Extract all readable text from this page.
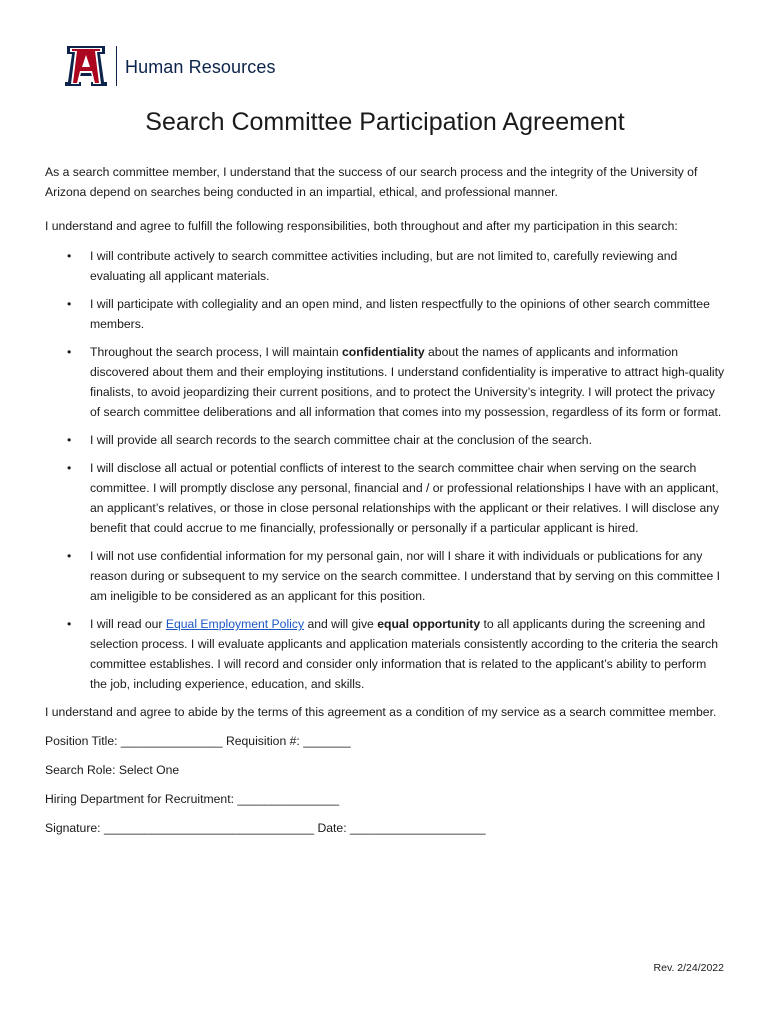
Human Resources
Search Committee Participation Agreement

As a search committee member, I understand that the success of our search process and the integrity of the University of Arizona depend on searches being conducted in an impartial, ethical, and professional manner.

I understand and agree to fulfill the following responsibilities, both throughout and after my participation in this search:

• I will contribute actively to search committee activities including, but are not limited to, carefully reviewing and evaluating all applicant materials.
• I will participate with collegiality and an open mind, and listen respectfully to the opinions of other search committee members.
• Throughout the search process, I will maintain confidentiality about the names of applicants and information discovered about them and their employing institutions. I understand confidentiality is imperative to attract high-quality finalists, to avoid jeopardizing their current positions, and to protect the University’s integrity. I will protect the privacy of search committee deliberations and all information that comes into my possession, regardless of its form or format.
• I will provide all search records to the search committee chair at the conclusion of the search.
• I will disclose all actual or potential conflicts of interest to the search committee chair when serving on the search committee. I will promptly disclose any personal, financial and / or professional relationships I have with an applicant, an applicant’s relatives, or those in close personal relationships with the applicant or their relatives. I will disclose any benefit that could accrue to me financially, professionally or personally if a particular applicant is hired.
• I will not use confidential information for my personal gain, nor will I share it with individuals or publications for any reason during or subsequent to my service on the search committee. I understand that by serving on this committee I am ineligible to be considered as an applicant for this position.
• I will read our Equal Employment Policy and will give equal opportunity to all applicants during the screening and selection process. I will evaluate applicants and application materials consistently according to the criteria the search committee establishes. I will record and consider only information that is related to the applicant’s ability to perform the job, including experience, education, and skills.

I understand and agree to abide by the terms of this agreement as a condition of my service as a search committee member.

Position Title: _______________ Requisition #: _______
Search Role: Select One
Hiring Department for Recruitment: _______________
Signature: _______________________________ Date: ____________________
Rev. 2/24/2022
